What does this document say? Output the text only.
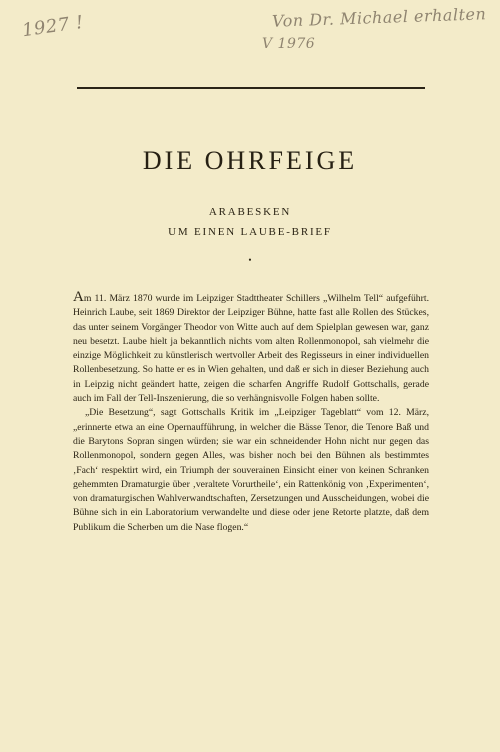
1927 !	Von Dr. Michael erhalten
V 1976
DIE OHRFEIGE
ARABESKEN
UM EINEN LAUBE-BRIEF
•

Am 11. März 1870 wurde im Leipziger Stadttheater Schillers „Wilhelm Tell“ aufgeführt. Heinrich Laube, seit 1869 Direktor der Leipziger Bühne, hatte fast alle Rollen des Stückes, das unter seinem Vorgänger Theodor von Witte auch auf dem Spielplan gewesen war, ganz neu besetzt. Laube hielt ja bekanntlich nichts vom alten Rollenmonopol, sah vielmehr die einzige Möglichkeit zu künstlerisch wertvoller Arbeit des Regisseurs in einer individuellen Rollenbesetzung. So hatte er es in Wien gehalten, und daß er sich in dieser Beziehung auch in Leipzig nicht geändert hatte, zeigen die scharfen Angriffe Rudolf Gottschalls, gerade auch im Fall der Tell-Inszenierung, die so verhängnisvolle Folgen haben sollte.

„Die Besetzung“, sagt Gottschalls Kritik im „Leipziger Tageblatt“ vom 12. März, „erinnerte etwa an eine Opernaufführung, in welcher die Bässe Tenor, die Tenore Baß und die Barytons Sopran singen würden; sie war ein schneidender Hohn nicht nur gegen das Rollenmonopol, sondern gegen Alles, was bisher noch bei den Bühnen als bestimmtes ‚Fach‘ respektirt wird, ein Triumph der souverainen Einsicht einer von keinen Schranken gehemmten Dramaturgie über ‚veraltete Vorurtheile‘, ein Rattenkönig von ‚Experimenten‘, von dramaturgischen Wahlverwandtschaften, Zersetzungen und Ausscheidungen, wobei die Bühne sich in ein Laboratorium verwandelte und diese oder jene Retorte platzte, daß dem Publikum die Scherben um die Nase flogen.“
